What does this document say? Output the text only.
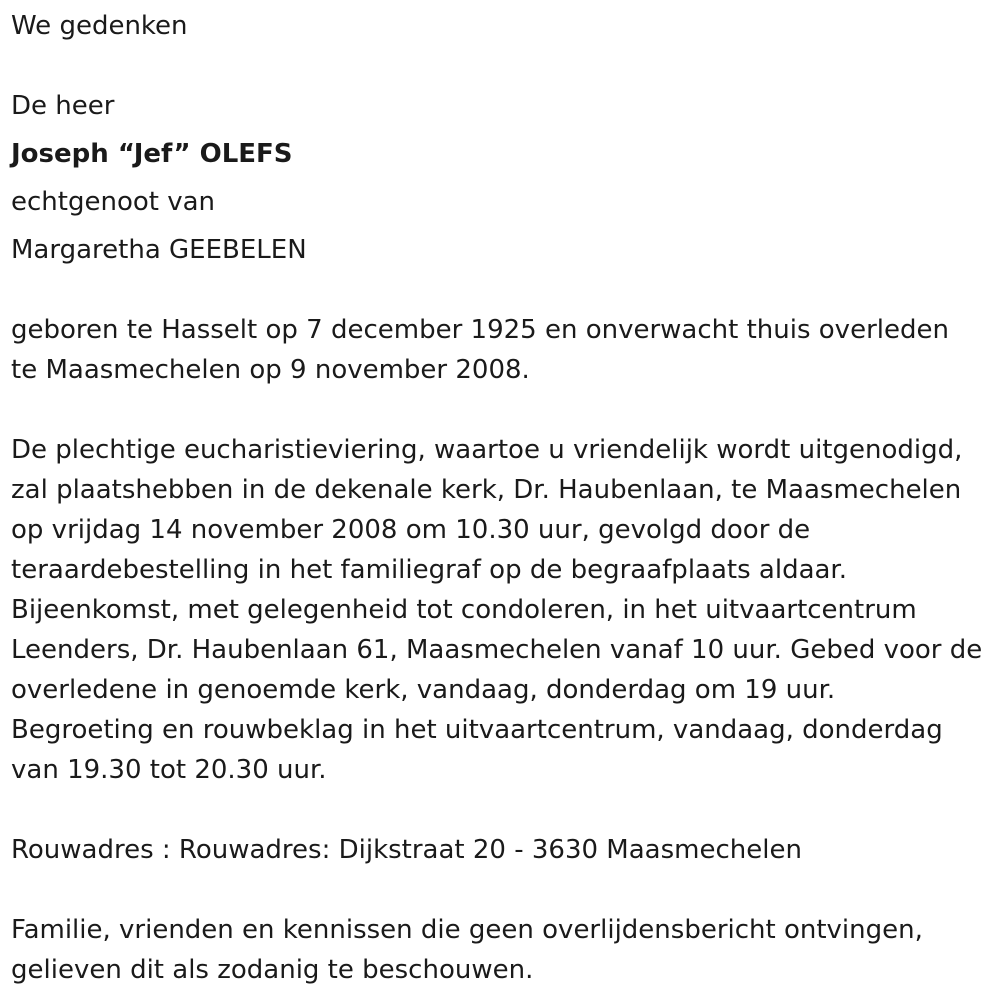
We gedenken
De heer
Joseph “Jef” OLEFS
echtgenoot van
Margaretha GEEBELEN
geboren te Hasselt op 7 december 1925 en onverwacht thuis overleden
te Maasmechelen op 9 november 2008.
De plechtige eucharistieviering, waartoe u vriendelijk wordt uitgenodigd,
zal plaatshebben in de dekenale kerk, Dr. Haubenlaan, te Maasmechelen
op vrijdag 14 november 2008 om 10.30 uur, gevolgd door de
teraardebestelling in het familiegraf op de begraafplaats aldaar.
Bijeenkomst, met gelegenheid tot condoleren, in het uitvaartcentrum
Leenders, Dr. Haubenlaan 61, Maasmechelen vanaf 10 uur. Gebed voor de
overledene in genoemde kerk, vandaag, donderdag om 19 uur.
Begroeting en rouwbeklag in het uitvaartcentrum, vandaag, donderdag
van 19.30 tot 20.30 uur.
Rouwadres : Rouwadres: Dijkstraat 20 - 3630 Maasmechelen
Familie, vrienden en kennissen die geen overlijdensbericht ontvingen,
gelieven dit als zodanig te beschouwen.
